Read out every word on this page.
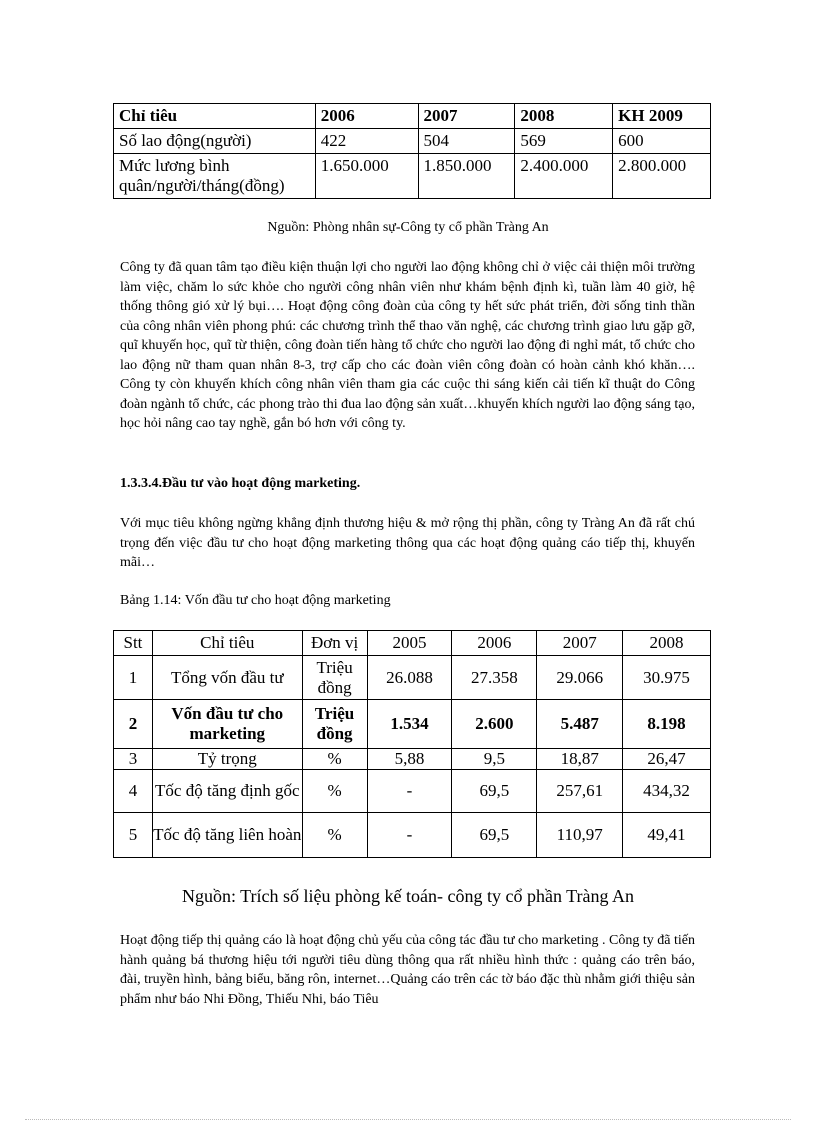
Chỉ tiêu	2006	2007	2008	KH 2009
Số lao động(người)	422	504	569	600
Mức lương bình quân/người/tháng(đồng)	1.650.000	1.850.000	2.400.000	2.800.000
Nguồn: Phòng nhân sự-Công ty cổ phần Tràng An
Công ty đã quan tâm tạo điều kiện thuận lợi cho người lao động không chỉ ở việc cải thiện môi trường làm việc, chăm lo sức khỏe cho người công nhân viên như khám bệnh định kì, tuần làm 40 giờ, hệ thống thông gió xử lý bụi…. Hoạt động công đoàn của công ty hết sức phát triển, đời sống tinh thần của công nhân viên phong phú: các chương trình thể thao văn nghệ, các chương trình giao lưu gặp gỡ, quĩ khuyến học, quĩ từ thiện, công đoàn tiến hàng tổ chức cho người lao động đi nghỉ mát, tổ chức cho lao động nữ tham quan nhân 8-3, trợ cấp cho các đoàn viên công đoàn có hoàn cảnh khó khăn…. Công ty còn khuyến khích công nhân viên tham gia các cuộc thi sáng kiến cải tiến kĩ thuật do Công đoàn ngành tổ chức, các phong trào thi đua lao động sản xuất…khuyến khích người lao động sáng tạo, học hỏi nâng cao tay nghề, gắn bó hơn với công ty.
1.3.3.4.Đầu tư vào hoạt động marketing.
Với mục tiêu không ngừng khẳng định thương hiệu & mở rộng thị phần, công ty Tràng An đã rất chú trọng đến việc đầu tư cho hoạt động marketing thông qua các hoạt động quảng cáo tiếp thị, khuyến mãi…
Bảng 1.14: Vốn đầu tư cho hoạt động marketing
Stt	Chỉ tiêu	Đơn vị	2005	2006	2007	2008
1	Tổng vốn đầu tư	Triệu đồng	26.088	27.358	29.066	30.975
2	Vốn đầu tư cho marketing	Triệu đồng	1.534	2.600	5.487	8.198
3	Tỷ trọng	%	5,88	9,5	18,87	26,47
4	Tốc độ tăng định gốc	%	-	69,5	257,61	434,32
5	Tốc độ tăng liên hoàn	%	-	69,5	110,97	49,41
Nguồn: Trích số liệu phòng kế toán- công ty cổ phần Tràng An
Hoạt động tiếp thị quảng cáo là hoạt động chủ yếu của công tác đầu tư cho marketing . Công ty đã tiến hành quảng bá thương hiệu tới người tiêu dùng thông qua rất nhiều hình thức : quảng cáo trên báo, đài, truyền hình, bảng biểu, băng rôn, internet…Quảng cáo trên các tờ báo đặc thù nhằm giới thiệu sản phẩm như báo Nhi Đồng, Thiếu Nhi, báo Tiêu
